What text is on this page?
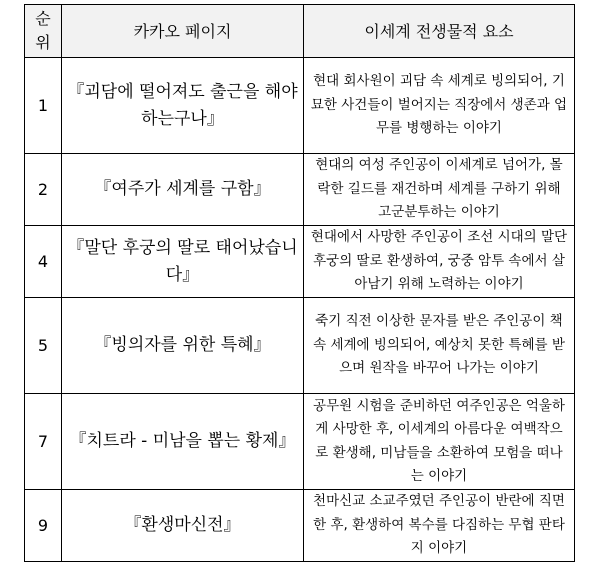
순
위	카카오 페이지	이세계 전생물적 요소
1	『괴담에 떨어져도 출근을 해야 하는구나』	현대 회사원이 괴담 속 세계로 빙의되어, 기묘한 사건들이 벌어지는 직장에서 생존과 업무를 병행하는 이야기
2	『여주가 세계를 구함』	현대의 여성 주인공이 이세계로 넘어가, 몰락한 길드를 재건하며 세계를 구하기 위해 고군분투하는 이야기
4	『말단 후궁의 딸로 태어났습니다』	현대에서 사망한 주인공이 조선 시대의 말단 후궁의 딸로 환생하여, 궁중 암투 속에서 살아남기 위해 노력하는 이야기
5	『빙의자를 위한 특혜』	죽기 직전 이상한 문자를 받은 주인공이 책 속 세계에 빙의되어, 예상치 못한 특혜를 받으며 원작을 바꾸어 나가는 이야기
7	『치트라 - 미남을 뽑는 황제』	공무원 시험을 준비하던 여주인공은 억울하게 사망한 후, 이세계의 아름다운 여백작으로 환생해, 미남들을 소환하여 모험을 떠나는 이야기
9	『환생마신전』	천마신교 소교주였던 주인공이 반란에 직면한 후, 환생하여 복수를 다짐하는 무협 판타지 이야기
